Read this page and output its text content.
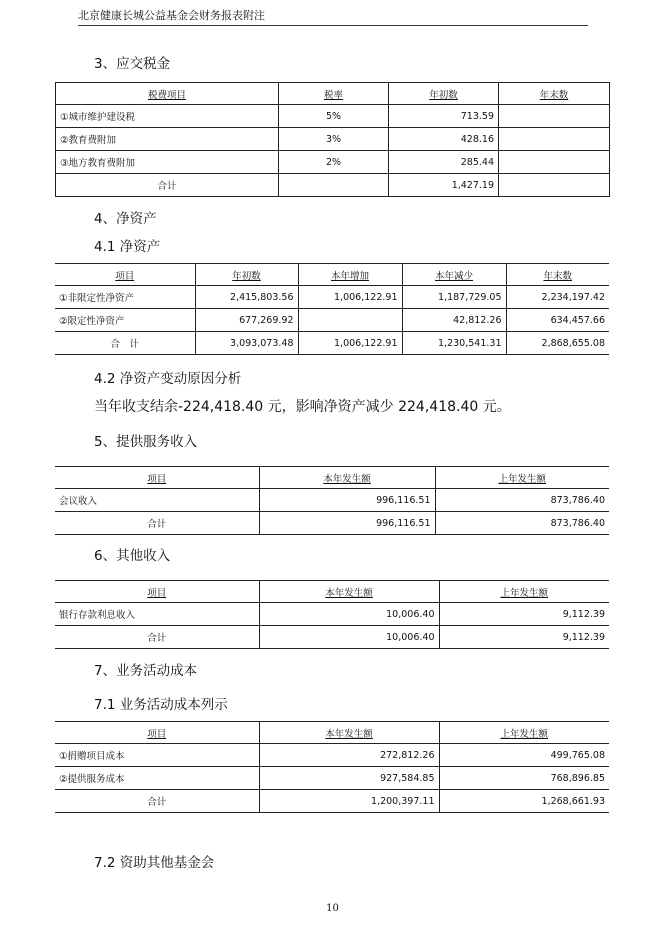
北京健康长城公益基金会财务报表附注
3、应交税金
税费项目	税率	年初数	年末数
①城市维护建设税	5%	713.59	
②教育费附加	3%	428.16	
③地方教育费附加	2%	285.44	
合计		1,427.19	
4、净资产
4.1 净资产
项目	年初数	本年增加	本年减少	年末数
①非限定性净资产	2,415,803.56	1,006,122.91	1,187,729.05	2,234,197.42
②限定性净资产	677,269.92		42,812.26	634,457.66
合　计	3,093,073.48	1,006,122.91	1,230,541.31	2,868,655.08
4.2 净资产变动原因分析
当年收支结余-224,418.40 元，影响净资产减少 224,418.40 元。
5、提供服务收入
项目	本年发生额	上年发生额
会议收入	996,116.51	873,786.40
合计	996,116.51	873,786.40
6、其他收入
项目	本年发生额	上年发生额
银行存款利息收入	10,006.40	9,112.39
合计	10,006.40	9,112.39
7、业务活动成本
7.1 业务活动成本列示
项目	本年发生额	上年发生额
①捐赠项目成本	272,812.26	499,765.08
②提供服务成本	927,584.85	768,896.85
合计	1,200,397.11	1,268,661.93
7.2 资助其他基金会
10
